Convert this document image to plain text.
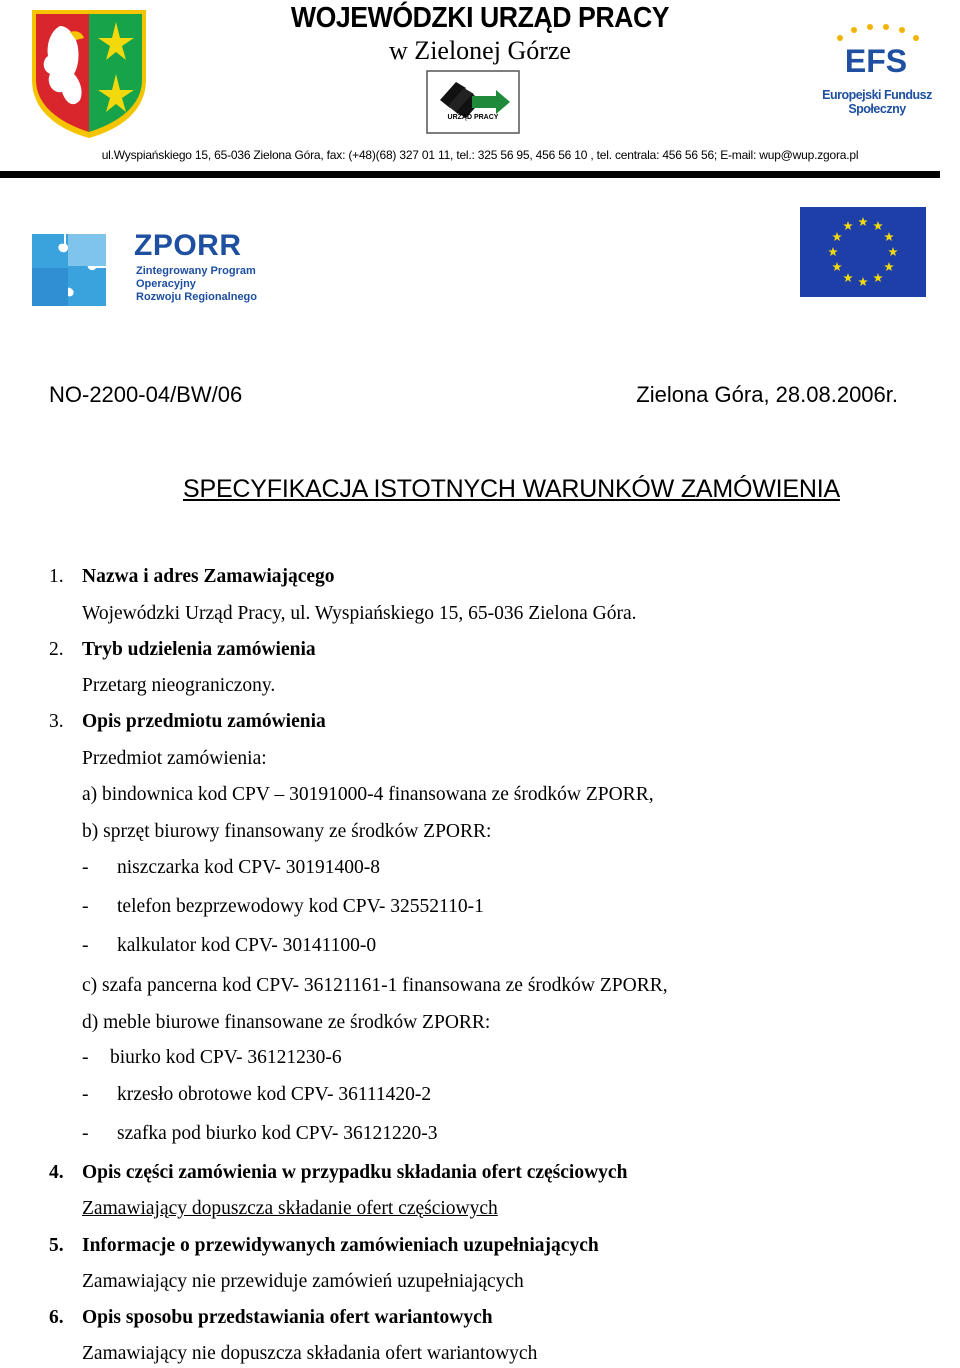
WOJEWÓDZKI URZĄD PRACY
w Zielonej Górze
URZĄD PRACY
EFS
Europejski Fundusz Społeczny
ul.Wyspiańskiego 15, 65-036 Zielona Góra, fax: (+48)(68) 327 01 11, tel.: 325 56 95, 456 56 10 , tel. centrala: 456 56 56; E-mail: wup@wup.zgora.pl
ZPORR
Zintegrowany Program
Operacyjny
Rozwoju Regionalnego
NO-2200-04/BW/06	Zielona Góra, 28.08.2006r.
SPECYFIKACJA ISTOTNYCH WARUNKÓW ZAMÓWIENIA
1. Nazwa i adres Zamawiającego
Wojewódzki Urząd Pracy, ul. Wyspiańskiego 15, 65-036 Zielona Góra.
2. Tryb udzielenia zamówienia
Przetarg nieograniczony.
3. Opis przedmiotu zamówienia
Przedmiot zamówienia:
a) bindownica kod CPV – 30191000-4 finansowana ze środków ZPORR,
b) sprzęt biurowy finansowany ze środków ZPORR:
- niszczarka kod CPV- 30191400-8
- telefon bezprzewodowy kod CPV- 32552110-1
- kalkulator kod CPV- 30141100-0
c) szafa pancerna kod CPV- 36121161-1 finansowana ze środków ZPORR,
d) meble biurowe finansowane ze środków ZPORR:
- biurko kod CPV- 36121230-6
- krzesło obrotowe kod CPV- 36111420-2
- szafka pod biurko kod CPV- 36121220-3
4. Opis części zamówienia w przypadku składania ofert częściowych
Zamawiający dopuszcza składanie ofert częściowych
5. Informacje o przewidywanych zamówieniach uzupełniających
Zamawiający nie przewiduje zamówień uzupełniających
6. Opis sposobu przedstawiania ofert wariantowych
Zamawiający nie dopuszcza składania ofert wariantowych
